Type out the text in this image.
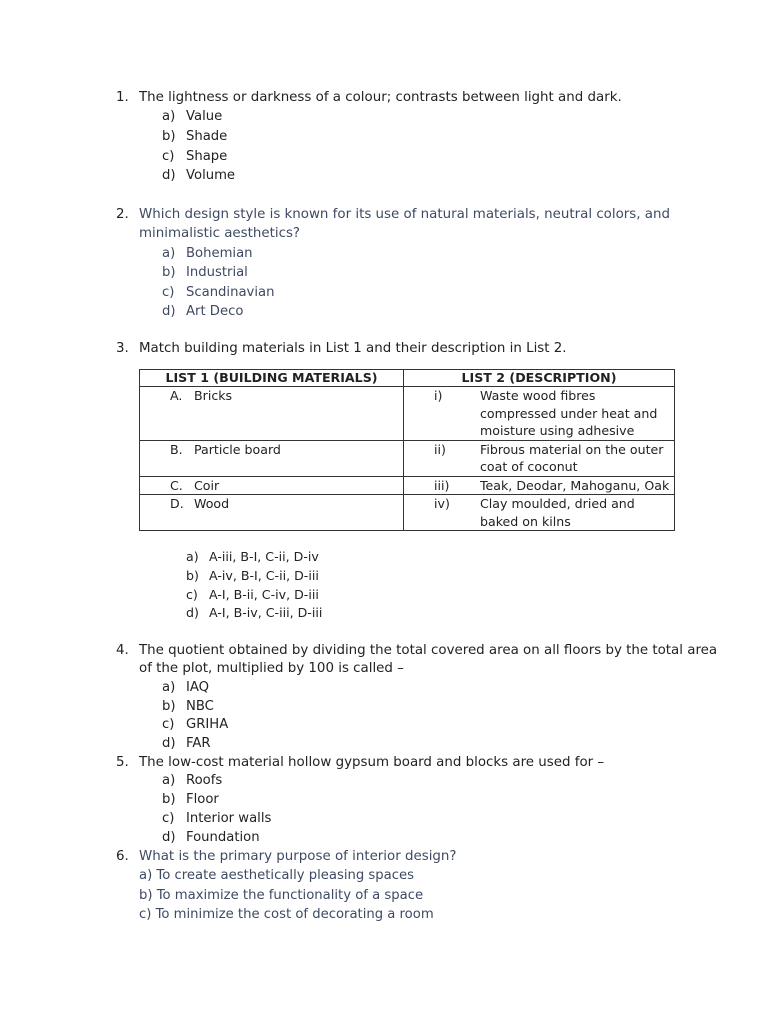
1. The lightness or darkness of a colour; contrasts between light and dark.
a) Value
b) Shade
c) Shape
d) Volume
2. Which design style is known for its use of natural materials, neutral colors, and
minimalistic aesthetics?
a) Bohemian
b) Industrial
c) Scandinavian
d) Art Deco
3. Match building materials in List 1 and their description in List 2.
LIST 1 (BUILDING MATERIALS)	LIST 2 (DESCRIPTION)
A. Bricks	i) Waste wood fibres compressed under heat and moisture using adhesive
B. Particle board	ii) Fibrous material on the outer coat of coconut
C. Coir	iii) Teak, Deodar, Mahoganu, Oak
D. Wood	iv) Clay moulded, dried and baked on kilns
a) A-iii, B-I, C-ii, D-iv
b) A-iv, B-I, C-ii, D-iii
c) A-I, B-ii, C-iv, D-iii
d) A-I, B-iv, C-iii, D-iii
4. The quotient obtained by dividing the total covered area on all floors by the total area
of the plot, multiplied by 100 is called –
a) IAQ
b) NBC
c) GRIHA
d) FAR
5. The low-cost material hollow gypsum board and blocks are used for –
a) Roofs
b) Floor
c) Interior walls
d) Foundation
6. What is the primary purpose of interior design?
a) To create aesthetically pleasing spaces
b) To maximize the functionality of a space
c) To minimize the cost of decorating a room
